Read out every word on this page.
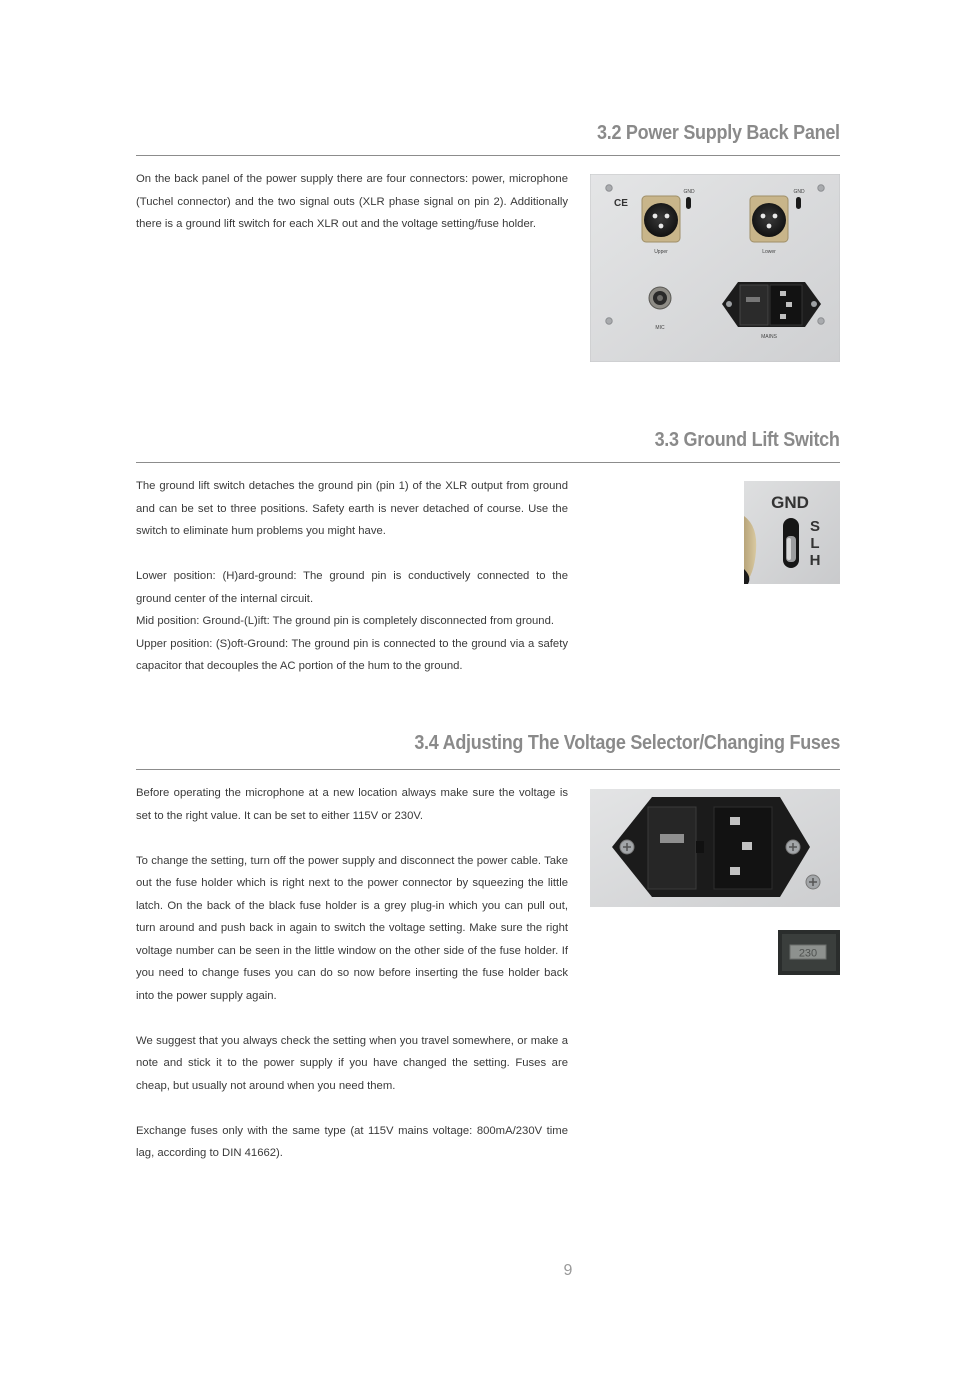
3.2 Power Supply Back Panel

On the back panel of the power supply there are four connectors: power, microphone (Tuchel connector) and the two signal outs (XLR phase signal on pin 2). Additionally there is a ground lift switch for each XLR out and the voltage setting/fuse holder.

CE
Upper
GND
Lower
GND
MIC
MAINS
3.3 Ground Lift Switch

The ground lift switch detaches the ground pin (pin 1) of the XLR output from ground and can be set to three positions. Safety earth is never detached of course. Use the switch to eliminate hum problems you might have.

Lower position: (H)ard-ground: The ground pin is conductively connected to the ground center of the internal circuit.

Mid position: Ground-(L)ift: The ground pin is completely disconnected from ground.

Upper position: (S)oft-Ground: The ground pin is connected to the ground via a safety capacitor that decouples the AC portion of the hum to the ground.

GND
S
L
H
3.4 Adjusting The Voltage Selector/Changing Fuses

Before operating the microphone at a new location always make sure the voltage is set to the right value. It can be set to either 115V or 230V.

To change the setting, turn off the power supply and disconnect the power cable. Take out the fuse holder which is right next to the power connector by squeezing the little latch. On the back of the black fuse holder is a grey plug-in which you can pull out, turn around and push back in again to switch the voltage setting. Make sure the right voltage number can be seen in the little window on the other side of the fuse holder. If you need to change fuses you can do so now before inserting the fuse holder back into the power supply again.

We suggest that you always check the setting when you travel somewhere, or make a note and stick it to the power supply if you have changed the setting. Fuses are cheap, but usually not around when you need them.

Exchange fuses only with the same type (at 115V mains voltage: 800mA/230V time lag, according to DIN 41662).

230
9
